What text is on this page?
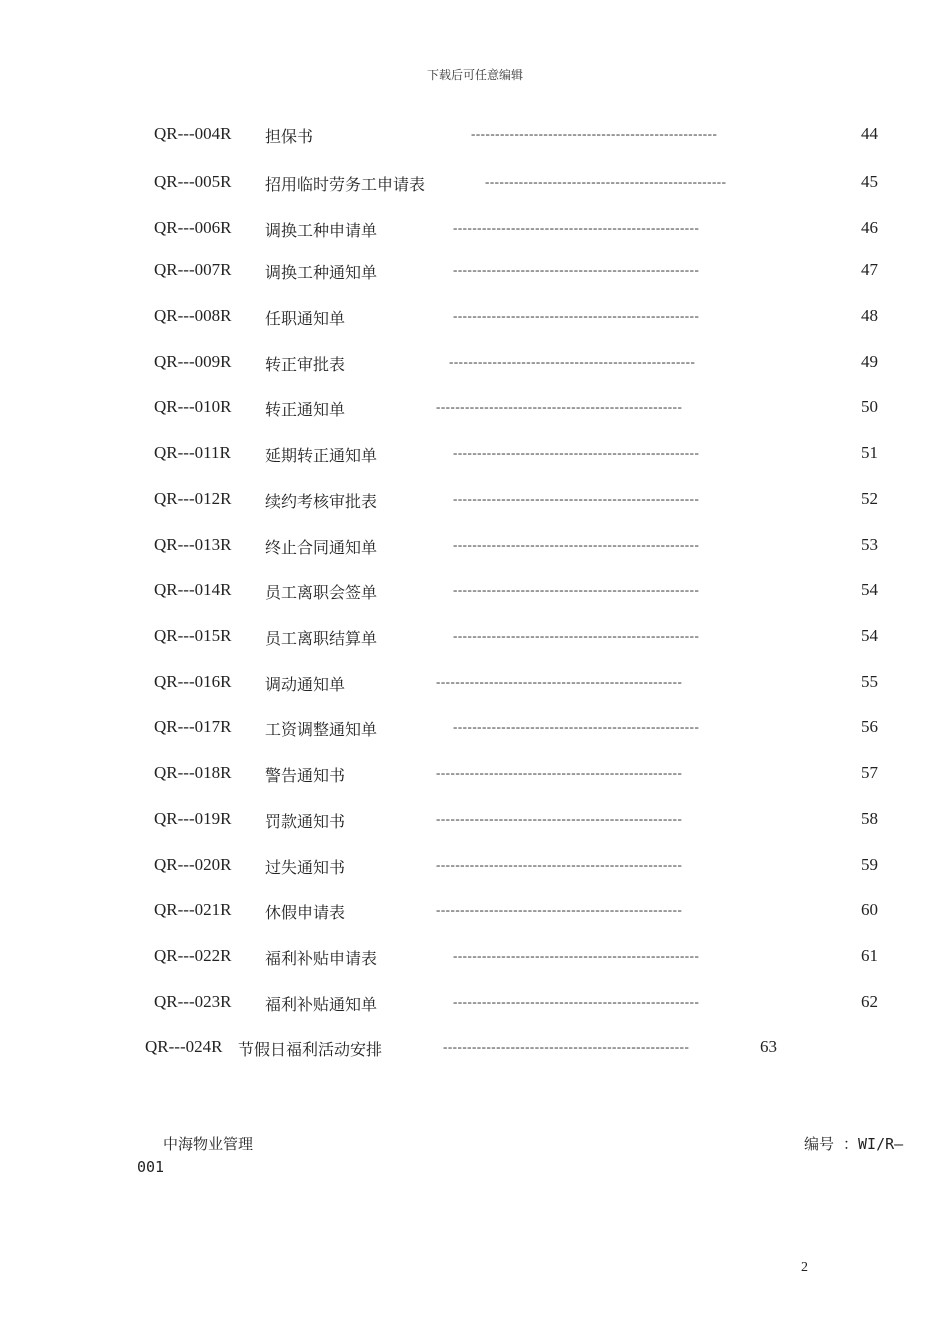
下载后可任意编辑
QR---004R 担保书	---------------------------------------------------	44
QR---005R 招用临时劳务工申请表	--------------------------------------------------	45
QR---006R 调换工种申请单	---------------------------------------------------	46
QR---007R 调换工种通知单	---------------------------------------------------	47
QR---008R 任职通知单	---------------------------------------------------	48
QR---009R 转正审批表	---------------------------------------------------	49
QR---010R 转正通知单	---------------------------------------------------	50
QR---011R 延期转正通知单	---------------------------------------------------	51
QR---012R 续约考核审批表	---------------------------------------------------	52
QR---013R 终止合同通知单	---------------------------------------------------	53
QR---014R 员工离职会签单	---------------------------------------------------	54
QR---015R 员工离职结算单	---------------------------------------------------	54
QR---016R 调动通知单	---------------------------------------------------	55
QR---017R 工资调整通知单	---------------------------------------------------	56
QR---018R 警告通知书	---------------------------------------------------	57
QR---019R 罚款通知书	---------------------------------------------------	58
QR---020R 过失通知书	---------------------------------------------------	59
QR---021R 休假申请表	---------------------------------------------------	60
QR---022R 福利补贴申请表	---------------------------------------------------	61
QR---023R 福利补贴通知单	---------------------------------------------------	62
QR---024R 节假日福利活动安排	---------------------------------------------------	63
中海物业管理	编号 ：WI/R—
001
2
